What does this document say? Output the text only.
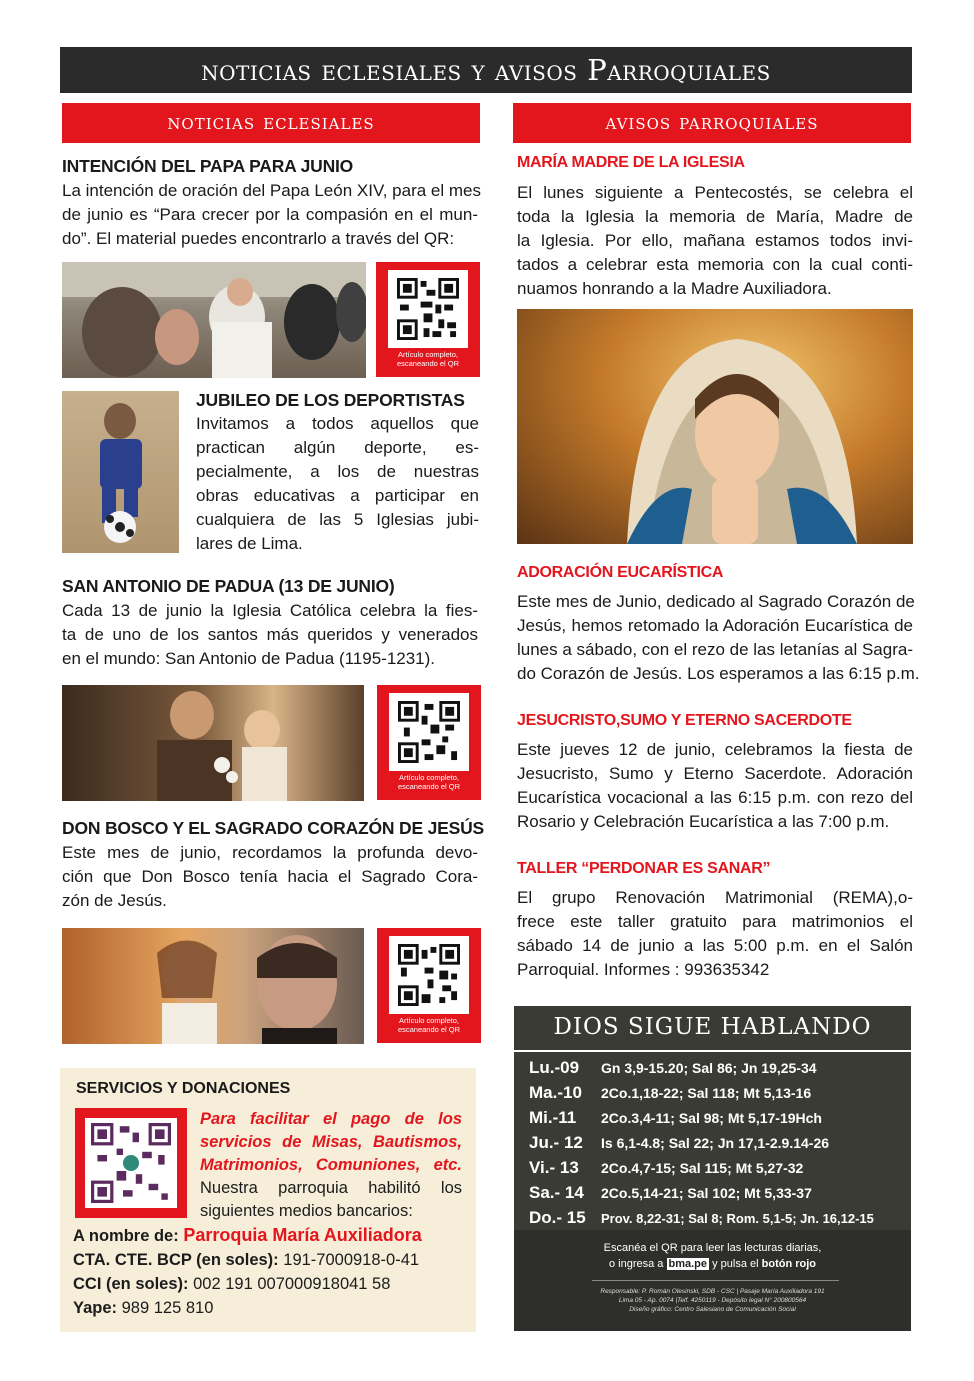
noticias eclesiales y avisos Parroquiales
noticias eclesiales	avisos parroquiales
INTENCIÓN DEL PAPA PARA JUNIO
La intención de oración del Papa León XIV, para el mes
de junio es “Para crecer por la compasión en el mun-
do”. El material puedes encontrarlo a través del QR:
Artículo completo,
escaneando el QR
JUBILEO DE LOS DEPORTISTAS
Invitamos a todos aquellos que
practican algún deporte, es-
pecialmente, a los de nuestras
obras educativas a participar en
cualquiera de las 5 Iglesias jubi-
lares de Lima.
SAN ANTONIO DE PADUA (13 DE JUNIO)
Cada 13 de junio la Iglesia Católica celebra la fies-
ta de uno de los santos más queridos y venerados
en el mundo: San Antonio de Padua (1195-1231).
Artículo completo,
escaneando el QR
DON BOSCO Y EL SAGRADO CORAZÓN DE JESÚS
Este mes de junio, recordamos la profunda devo-
ción que Don Bosco tenía hacia el Sagrado Cora-
zón de Jesús.
Artículo completo,
escaneando el QR
SERVICIOS Y DONACIONES
Para facilitar el pago de los servicios de Misas, Bautismos, Matrimonios, Comuniones, etc. Nuestra parroquia habilitó los siguientes medios bancarios:
A nombre de: Parroquia María Auxiliadora
CTA. CTE. BCP (en soles): 191-7000918-0-41
CCI (en soles): 002 191 007000918041 58
Yape: 989 125 810
MARÍA MADRE DE LA IGLESIA
El lunes siguiente a Pentecostés, se celebra el
toda la Iglesia la memoria de María, Madre de
la Iglesia. Por ello, mañana estamos todos invi-
tados a celebrar esta memoria con la cual conti-
nuamos honrando a la Madre Auxiliadora.
ADORACIÓN EUCARÍSTICA
Este mes de Junio, dedicado al Sagrado Corazón de
Jesús, hemos retomado la Adoración Eucarística de
lunes a sábado, con el rezo de las letanías al Sagra-
do Corazón de Jesús. Los esperamos a las 6:15 p.m.
JESUCRISTO,SUMO Y ETERNO SACERDOTE
Este jueves 12 de junio, celebramos la fiesta de
Jesucristo, Sumo y Eterno Sacerdote. Adoración
Eucarística vocacional a las 6:15 p.m. con rezo del
Rosario y Celebración Eucarística a las 7:00 p.m.
TALLER “PERDONAR ES SANAR”
El grupo Renovación Matrimonial (REMA),o-
frece este taller gratuito para matrimonios el
sábado 14 de junio a las 5:00 p.m. en el Salón
Parroquial. Informes : 993635342
DIOS SIGUE HABLANDO
Lu.-09 Gn 3,9-15.20; Sal 86; Jn 19,25-34
Ma.-10 2Co.1,18-22; Sal 118; Mt 5,13-16
Mi.-11 2Co.3,4-11; Sal 98; Mt 5,17-19Hch
Ju.- 12 Is 6,1-4.8; Sal 22; Jn 17,1-2.9.14-26
Vi.- 13 2Co.4,7-15; Sal 115; Mt 5,27-32
Sa.- 14 2Co.5,14-21; Sal 102; Mt 5,33-37
Do.- 15 Prov. 8,22-31; Sal 8; Rom. 5,1-5; Jn. 16,12-15
Escanéa el QR para leer las lecturas diarias,
o ingresa a bma.pe y pulsa el botón rojo
Responsable: P. Román Olesinski, SDB - CSC | Pasaje María Auxiliadora 191
Lima 05 - Ap. 0074 |Telf. 4250119 - Depósito legal N° 200800564
Diseño gráfico: Centro Salesiano de Comunicación Social
